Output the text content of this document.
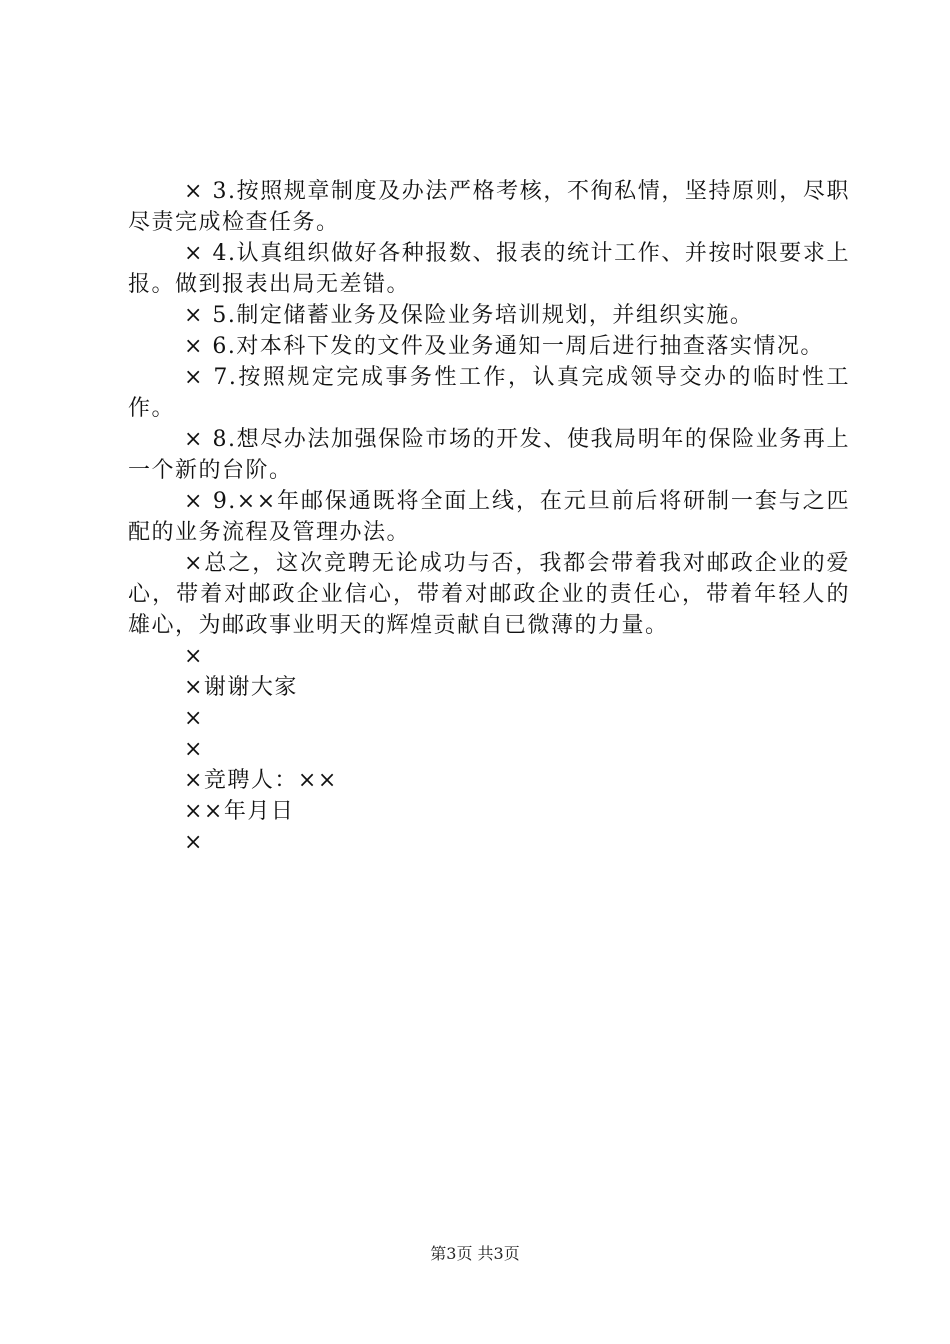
× 3.按照规章制度及办法严格考核，不徇私情，坚持原则，尽职尽责完成检查任务。

× 4.认真组织做好各种报数、报表的统计工作、并按时限要求上报。做到报表出局无差错。

× 5.制定储蓄业务及保险业务培训规划，并组织实施。

× 6.对本科下发的文件及业务通知一周后进行抽查落实情况。

× 7.按照规定完成事务性工作，认真完成领导交办的临时性工作。

× 8.想尽办法加强保险市场的开发、使我局明年的保险业务再上一个新的台阶。

× 9.××年邮保通既将全面上线，在元旦前后将研制一套与之匹配的业务流程及管理办法。

×总之，这次竞聘无论成功与否，我都会带着我对邮政企业的爱心，带着对邮政企业信心，带着对邮政企业的责任心，带着年轻人的雄心，为邮政事业明天的辉煌贡献自已微薄的力量。

×

×谢谢大家

×

×

×竞聘人：××

××年月日

×

第3页 共3页
